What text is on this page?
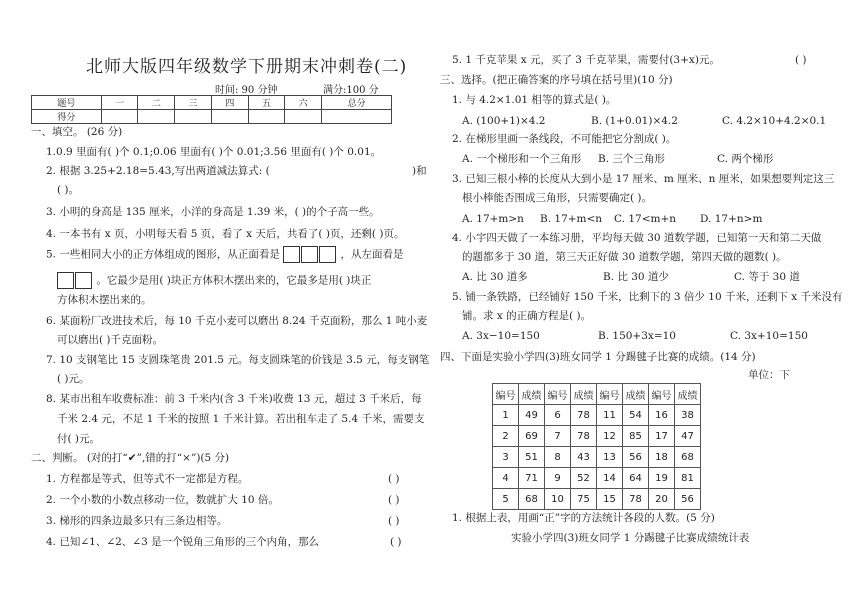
北师大版四年级数学下册期末冲刺卷(二)
时间: 90 分钟	满分:100 分
题号	一	二	三	四	五	六	总分
得分							
一、填空。 (26 分)
1.0.9 里面有( )个 0.1;0.06 里面有( )个 0.01;3.56 里面有( )个 0.01。
2. 根据 3.25+2.18=5.43,写出两道减法算式: (	)和
( )。
3. 小明的身高是 135 厘米，小洋的身高是 1.39 米，( )的个子高一些。
4. 一本书有 x 页，小明每天看 5 页，看了 x 天后，共看了( )页，还剩( )页。
5. 一些相同大小的正方体组成的图形，从正面看是	，从左面看是
。它最少是用( )块正方体积木摆出来的，它最多是用( )块正
方体积木摆出来的。
6. 某面粉厂改进技术后，每 10 千克小麦可以磨出 8.24 千克面粉，那么 1 吨小麦
可以磨出( )千克面粉。
7. 10 支钢笔比 15 支圆珠笔贵 201.5 元。每支圆珠笔的价钱是 3.5 元，每支钢笔
( )元。
8. 某市出租车收费标准：前 3 千米内(含 3 千米)收费 13 元，超过 3 千米后，每
千米 2.4 元，不足 1 千米的按照 1 千米计算。若出租车走了 5.4 千米，需要支
付( )元。
二、判断。 (对的打“✔”,错的打“×”)(5 分)
1. 方程都是等式，但等式不一定都是方程。	( )
2. 一个小数的小数点移动一位，数就扩大 10 倍。	( )
3. 梯形的四条边最多只有三条边相等。	( )
4. 已知∠1、∠2、∠3 是一个锐角三角形的三个内角，那么	( )
5. 1 千克苹果 x 元，买了 3 千克苹果，需要付(3+x)元。	( )
三、选择。(把正确答案的序号填在括号里)(10 分)
1. 与 4.2×1.01 相等的算式是( )。
A. (100+1)×4.2	B. (1+0.01)×4.2	C. 4.2×10+4.2×0.1
2. 在梯形里画一条线段，不可能把它分割成( )。
A. 一个梯形和一个三角形 B. 三个三角形	C. 两个梯形
3. 已知三根小棒的长度从大到小是 17 厘米、m 厘米、n 厘米，如果想要判定这三
根小棒能否围成三角形，只需要确定( )。
A. 17+m>n B. 17+m<n C. 17<m+n D. 17+n>m
4. 小宇四天做了一本练习册，平均每天做 30 道数学题，已知第一天和第二天做
的题都多于 30 道，第三天正好做 30 道数学题，第四天做的题数( )。
A. 比 30 道多	B. 比 30 道少	C. 等于 30 道
5. 铺一条铁路，已经铺好 150 千米，比剩下的 3 倍少 10 千米，还剩下 x 千米没有
铺。求 x 的正确方程是( )。
A. 3x−10=150	B. 150+3x=10	C. 3x+10=150
四、下面是实验小学四(3)班女同学 1 分踢毽子比赛的成绩。(14 分)
单位：下
编号	成绩	编号	成绩	编号	成绩	编号	成绩
1	49	6	78	11	54	16	38
2	69	7	78	12	85	17	47
3	51	8	43	13	56	18	68
4	71	9	52	14	64	19	81
5	68	10	75	15	78	20	56
1. 根据上表，用画“正”字的方法统计各段的人数。(5 分)
实验小学四(3)班女同学 1 分踢毽子比赛成绩统计表
